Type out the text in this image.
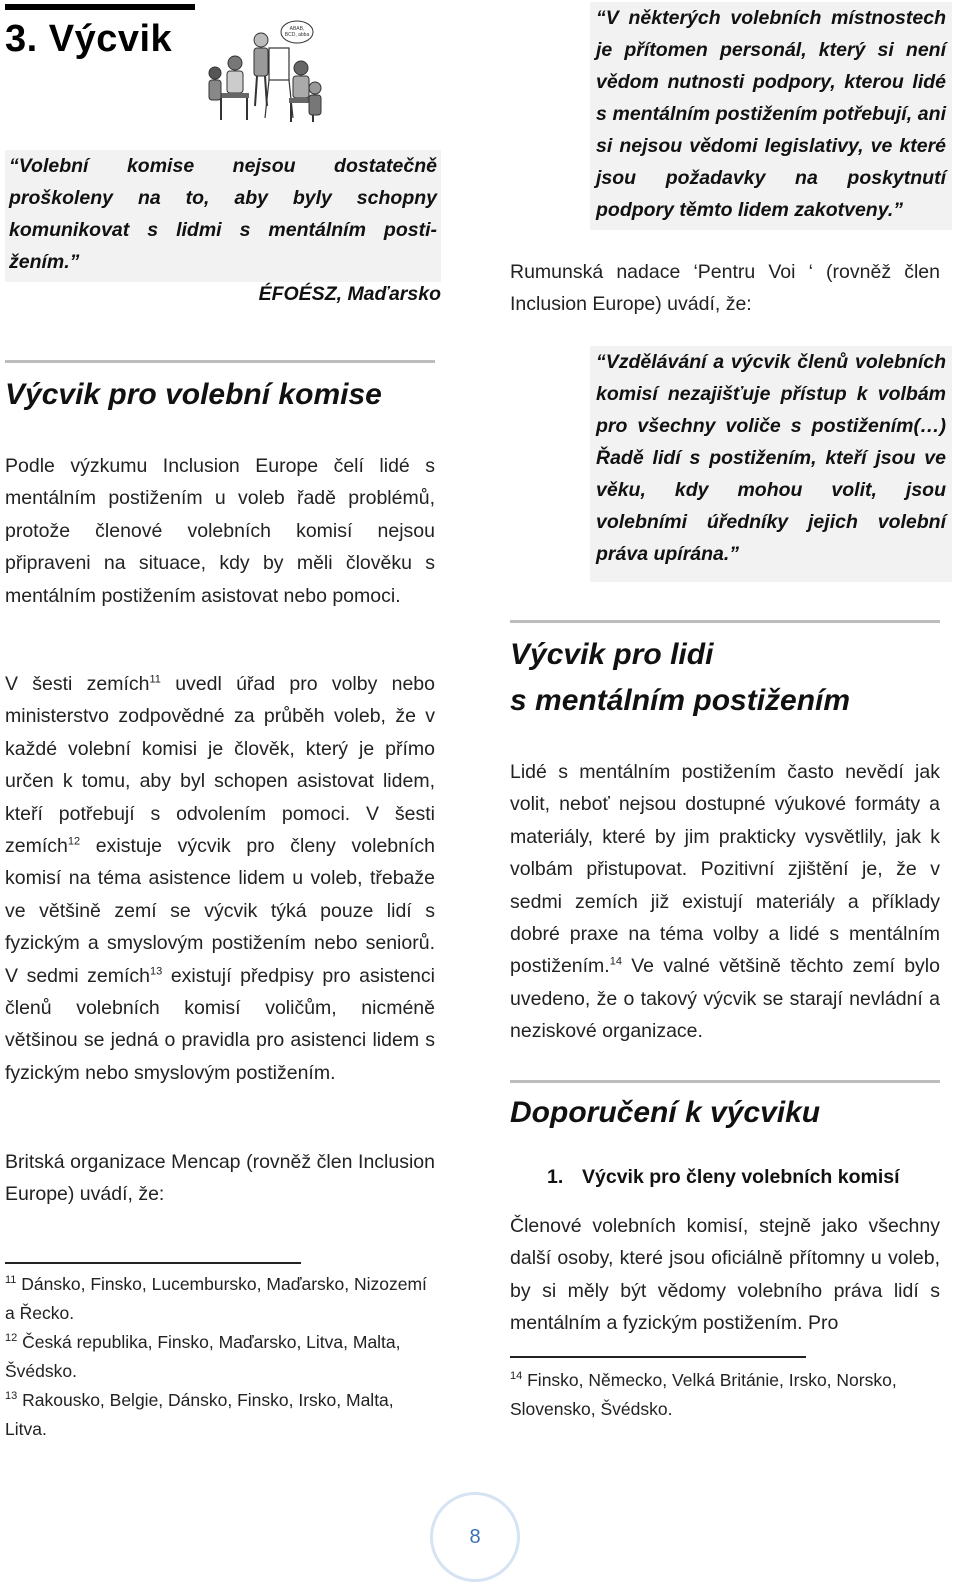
3. Výcvik	ABAB,
BCD, abba
“Volební komise nejsou dostatečně proškoleny na to, aby byly schopny komunikovat s lidmi s mentálním posti-žením.”
ÉFOÉSZ, Maďarsko
Výcvik pro volební komise
Podle výzkumu Inclusion Europe čelí lidé s mentálním postižením u voleb řadě problémů, protože členové volebních komisí nejsou připraveni na situace, kdy by měli člověku s mentálním postižením asistovat nebo pomoci.
V šesti zemích$^{11}$ uvedl úřad pro volby nebo ministerstvo zodpovědné za průběh voleb, že v každé volební komisi je člověk, který je přímo určen k tomu, aby byl schopen asistovat lidem, kteří potřebují s odvolením pomoci. V šesti zemích$^{12}$ existuje výcvik pro členy volebních komisí na téma asistence lidem u voleb, třebaže ve většině zemí se výcvik týká pouze lidí s fyzickým a smyslovým postižením nebo seniorů. V sedmi zemích$^{13}$ existují předpisy pro asistenci členů volebních komisí voličům, nicméně většinou se jedná o pravidla pro asistenci lidem s fyzickým nebo smyslovým postižením.
Britská organizace Mencap (rovněž člen Inclusion Europe) uvádí, že:
$^{11}$ Dánsko, Finsko, Lucembursko, Maďarsko, Nizozemí a Řecko.
$^{12}$ Česká republika, Finsko, Maďarsko, Litva, Malta, Švédsko.
$^{13}$ Rakousko, Belgie, Dánsko, Finsko, Irsko, Malta, Litva.
“V některých volebních místnostech je přítomen personál, který si není vědom nutnosti podpory, kterou lidé s mentálním postižením potřebují, ani si nejsou vědomi legislativy, ve které jsou požadavky na poskytnutí podpory těmto lidem zakotveny.”
Rumunská nadace ‘Pentru Voi ‘ (rovněž člen Inclusion Europe) uvádí, že:
“Vzdělávání a výcvik členů volebních komisí nezajišťuje přístup k volbám pro všechny voliče s postižením(…) Řadě lidí s postižením, kteří jsou ve věku, kdy mohou volit, jsou volebními úředníky jejich volební práva upírána.”
Výcvik pro lidi
s mentálním postižením
Lidé s mentálním postižením často nevědí jak volit, neboť nejsou dostupné výukové formáty a materiály, které by jim prakticky vysvětlily, jak k volbám přistupovat. Pozitivní zjištění je, že v sedmi zemích již existují materiály a příklady dobré praxe na téma volby a lidé s mentálním postižením.$^{14}$ Ve valné většině těchto zemí bylo uvedeno, že o takový výcvik se starají nevládní a neziskové organizace.
Doporučení k výcviku
1. Výcvik pro členy volebních komisí
Členové volebních komisí, stejně jako všechny další osoby, které jsou oficiálně přítomny u voleb, by si měly být vědomy volebního práva lidí s mentálním a fyzickým postižením. Pro
$^{14}$ Finsko, Německo, Velká Británie, Irsko, Norsko, Slovensko, Švédsko.
8
